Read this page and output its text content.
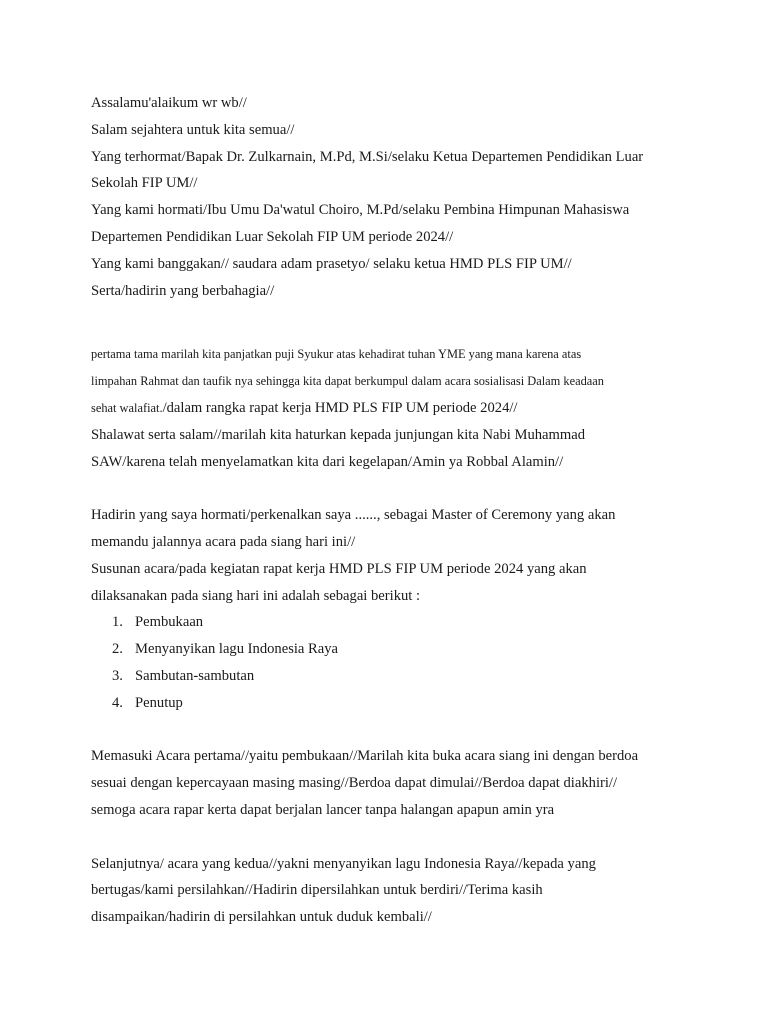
Assalamu'alaikum wr wb//
Salam sejahtera untuk kita semua//
Yang terhormat/Bapak Dr. Zulkarnain, M.Pd, M.Si/selaku Ketua Departemen Pendidikan Luar
Sekolah FIP UM//
Yang kami hormati/Ibu Umu Da'watul Choiro, M.Pd/selaku Pembina Himpunan Mahasiswa
Departemen Pendidikan Luar Sekolah FIP UM periode 2024//
Yang kami banggakan// saudara adam prasetyo/ selaku ketua HMD PLS FIP UM//
Serta/hadirin yang berbahagia//
pertama tama marilah kita panjatkan puji Syukur atas kehadirat tuhan YME yang mana karena atas
limpahan Rahmat dan taufik nya sehingga kita dapat berkumpul dalam acara sosialisasi Dalam keadaan
sehat walafiat./dalam rangka rapat kerja HMD PLS FIP UM periode 2024//
Shalawat serta salam//marilah kita haturkan kepada junjungan kita Nabi Muhammad
SAW/karena telah menyelamatkan kita dari kegelapan/Amin ya Robbal Alamin//
Hadirin yang saya hormati/perkenalkan saya ......, sebagai Master of Ceremony yang akan
memandu jalannya acara pada siang hari ini//
Susunan acara/pada kegiatan rapat kerja HMD PLS FIP UM periode 2024 yang akan
dilaksanakan pada siang hari ini adalah sebagai berikut :
1. Pembukaan
2. Menyanyikan lagu Indonesia Raya
3. Sambutan-sambutan
4. Penutup
Memasuki Acara pertama//yaitu pembukaan//Marilah kita buka acara siang ini dengan berdoa
sesuai dengan kepercayaan masing masing//Berdoa dapat dimulai//Berdoa dapat diakhiri//
semoga acara rapar kerta dapat berjalan lancer tanpa halangan apapun amin yra
Selanjutnya/ acara yang kedua//yakni menyanyikan lagu Indonesia Raya//kepada yang
bertugas/kami persilahkan//Hadirin dipersilahkan untuk berdiri//Terima kasih
disampaikan/hadirin di persilahkan untuk duduk kembali//
